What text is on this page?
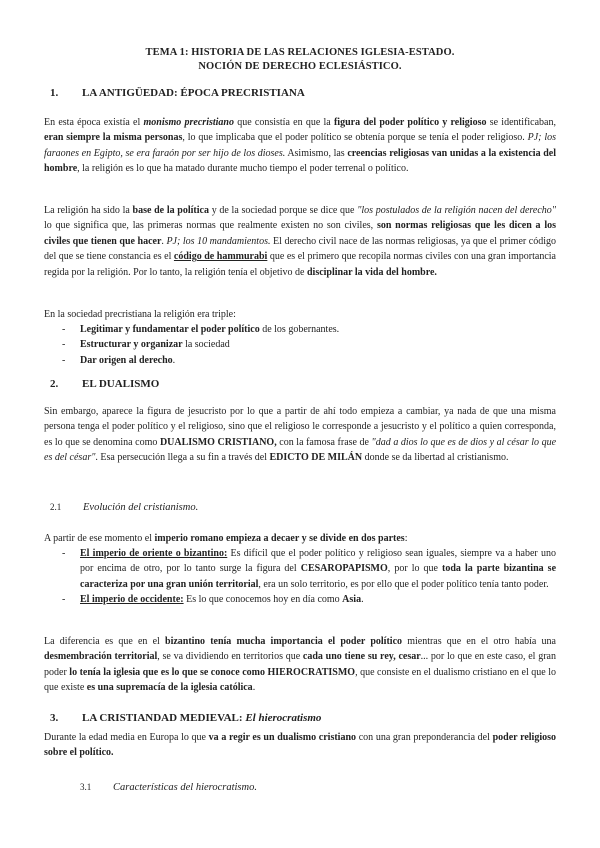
TEMA 1: HISTORIA DE LAS RELACIONES IGLESIA-ESTADO.
NOCIÓN DE DERECHO ECLESIÁSTICO.
1. LA ANTIGÜEDAD: ÉPOCA PRECRISTIANA
En esta época existía el monismo precristiano que consistía en que la figura del poder político y religioso se identificaban, eran siempre la misma personas, lo que implicaba que el poder político se obtenía porque se tenía el poder religioso. PJ; los faraones en Egipto, se era faraón por ser hijo de los dioses. Asimismo, las creencias religiosas van unidas a la existencia del hombre, la religión es lo que ha matado durante mucho tiempo el poder terrenal o político.
La religión ha sido la base de la política y de la sociedad porque se dice que "los postulados de la religión nacen del derecho" lo que significa que, las primeras normas que realmente existen no son civiles, son normas religiosas que les dicen a los civiles que tienen que hacer. PJ; los 10 mandamientos. El derecho civil nace de las normas religiosas, ya que el primer código del que se tiene constancia es el código de hammurabi que es el primero que recopila normas civiles con una gran importancia regida por la religión. Por lo tanto, la religión tenía el objetivo de disciplinar la vida del hombre.
En la sociedad precristiana la religión era triple:
- Legitimar y fundamentar el poder político de los gobernantes.
- Estructurar y organizar la sociedad
- Dar origen al derecho.
2. EL DUALISMO
Sin embargo, aparece la figura de jesucristo por lo que a partir de ahí todo empieza a cambiar, ya nada de que una misma persona tenga el poder político y el religioso, sino que el religioso le corresponde a jesucristo y el político a quien corresponda, es lo que se denomina como DUALISMO CRISTIANO, con la famosa frase de "dad a dios lo que es de dios y al césar lo que es del césar". Esa persecución llega a su fin a través del EDICTO DE MILÁN donde se da libertad al cristianismo.
2.1 Evolución del cristianismo.
A partir de ese momento el imperio romano empieza a decaer y se divide en dos partes:
- El imperio de oriente o bizantino: Es difícil que el poder político y religioso sean iguales, siempre va a haber uno por encima de otro, por lo tanto surge la figura del CESAROPAPISMO, por lo que toda la parte bizantina se caracteriza por una gran unión territorial, era un solo territorio, es por ello que el poder político tenía tanto poder.
- El imperio de occidente: Es lo que conocemos hoy en día como Asia.
La diferencia es que en el bizantino tenía mucha importancia el poder político mientras que en el otro había una desmembración territorial, se va dividiendo en territorios que cada uno tiene su rey, cesar... por lo que en este caso, el gran poder lo tenía la iglesia que es lo que se conoce como HIEROCRATISMO, que consiste en el dualismo cristiano en el que lo que existe es una supremacía de la iglesia católica.
3. LA CRISTIANDAD MEDIEVAL: El hierocratismo
Durante la edad media en Europa lo que va a regir es un dualismo cristiano con una gran preponderancia del poder religioso sobre el político.
3.1 Características del hierocratismo.
